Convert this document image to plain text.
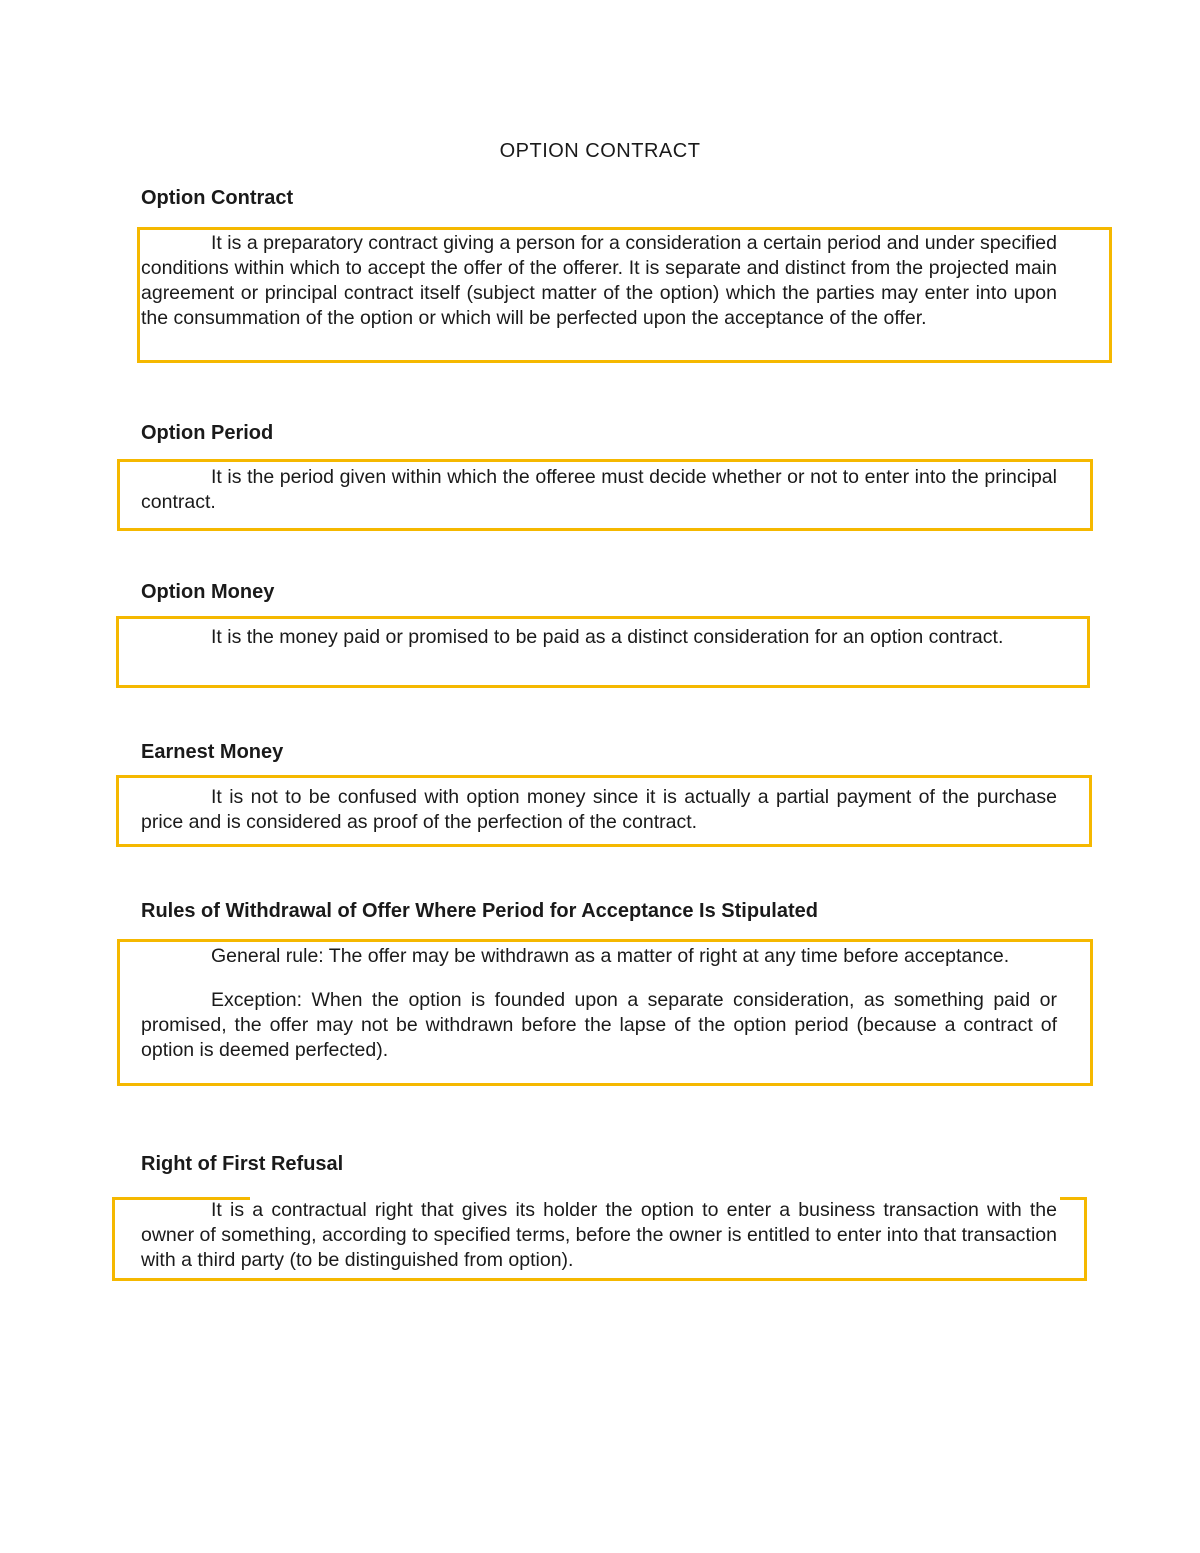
OPTION CONTRACT
Option Contract

It is a preparatory contract giving a person for a consideration a certain period and under specified conditions within which to accept the offer of the offerer. It is separate and distinct from the projected main agreement or principal contract itself (subject matter of the option) which the parties may enter into upon the consummation of the option or which will be perfected upon the acceptance of the offer.

Option Period

It is the period given within which the offeree must decide whether or not to enter into the principal contract.

Option Money

It is the money paid or promised to be paid as a distinct consideration for an option contract.

Earnest Money

It is not to be confused with option money since it is actually a partial payment of the purchase price and is considered as proof of the perfection of the contract.

Rules of Withdrawal of Offer Where Period for Acceptance Is Stipulated

General rule: The offer may be withdrawn as a matter of right at any time before acceptance.

Exception: When the option is founded upon a separate consideration, as something paid or promised, the offer may not be withdrawn before the lapse of the option period (because a contract of option is deemed perfected).

Right of First Refusal

It is a contractual right that gives its holder the option to enter a business transaction with the owner of something, according to specified terms, before the owner is entitled to enter into that transaction with a third party (to be distinguished from option).
